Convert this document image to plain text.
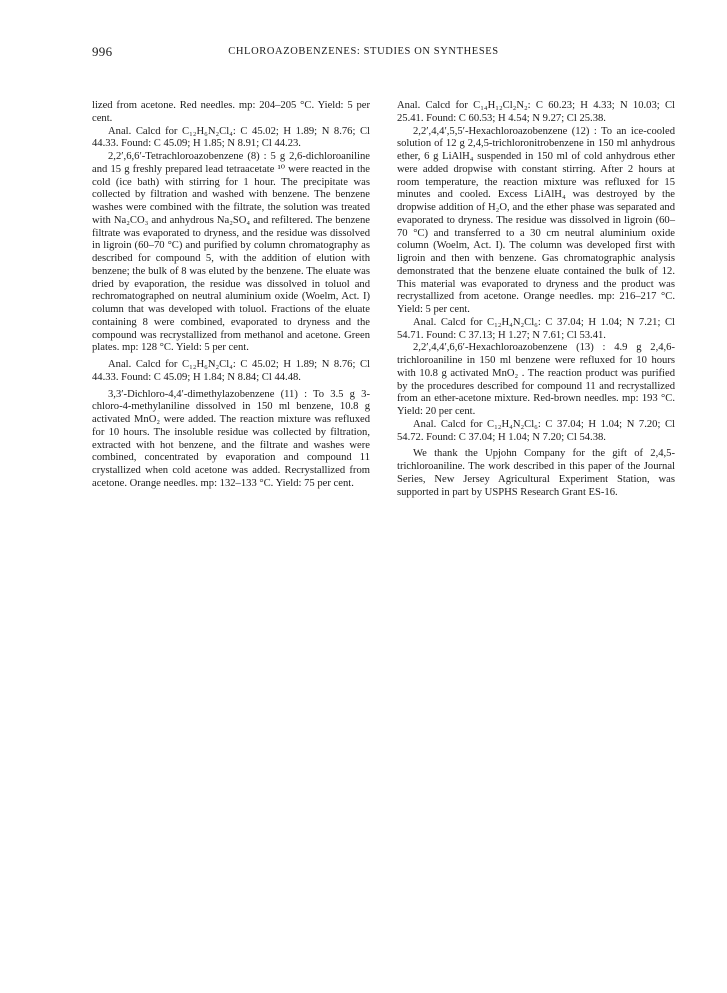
996	CHLOROAZOBENZENES: STUDIES ON SYNTHESES

lized from acetone. Red needles. mp: 204–205 °C. Yield: 5 per cent.

Anal. Calcd for C₁₂H₆N₂Cl₄: C 45.02; H 1.89; N 8.76; Cl 44.33. Found: C 45.09; H 1.85; N 8.91; Cl 44.23.

2,2′,6,6′-Tetrachloroazobenzene (8) : 5 g 2,6-dichloroaniline and 15 g freshly prepared lead tetraacetate ¹⁰ were reacted in the cold (ice bath) with stirring for 1 hour. The precipitate was collected by filtration and washed with benzene. The benzene washes were combined with the filtrate, the solution was treated with Na₂CO₃ and anhydrous Na₂SO₄ and refiltered. The benzene filtrate was evaporated to dryness, and the residue was dissolved in ligroin (60–70 °C) and purified by column chromatography as described for compound 5, with the addition of elution with benzene; the bulk of 8 was eluted by the benzene. The eluate was dried by evaporation, the residue was dissolved in toluol and rechromatographed on neutral aluminium oxide (Woelm, Act. I) column that was developed with toluol. Fractions of the eluate containing 8 were combined, evaporated to dryness and the compound was recrystallized from methanol and acetone. Green plates. mp: 128 °C. Yield: 5 per cent.

Anal. Calcd for C₁₂H₆N₂Cl₄: C 45.02; H 1.89; N 8.76; Cl 44.33. Found: C 45.09; H 1.84; N 8.84; Cl 44.48.

3,3′-Dichloro-4,4′-dimethylazobenzene (11) : To 3.5 g 3-chloro-4-methylaniline dissolved in 150 ml benzene, 10.8 g activated MnO₂ were added. The reaction mixture was refluxed for 10 hours. The insoluble residue was collected by filtration, extracted with hot benzene, and the filtrate and washes were combined, concentrated by evaporation and compound 11 crystallized when cold acetone was added. Recrystallized from acetone. Orange needles. mp: 132–133 °C. Yield: 75 per cent.

Anal. Calcd for C₁₄H₁₂Cl₂N₂: C 60.23; H 4.33; N 10.03; Cl 25.41. Found: C 60.53; H 4.54; N 9.27; Cl 25.38.

2,2′,4,4′,5,5′-Hexachloroazobenzene (12) : To an ice-cooled solution of 12 g 2,4,5-trichloronitrobenzene in 150 ml anhydrous ether, 6 g LiAlH₄ suspended in 150 ml of cold anhydrous ether were added dropwise with constant stirring. After 2 hours at room temperature, the reaction mixture was refluxed for 15 minutes and cooled. Excess LiAlH₄ was destroyed by the dropwise addition of H₂O, and the ether phase was separated and evaporated to dryness. The residue was dissolved in ligroin (60–70 °C) and transferred to a 30 cm neutral aluminium oxide column (Woelm, Act. I). The column was developed first with ligroin and then with benzene. Gas chromatographic analysis demonstrated that the benzene eluate contained the bulk of 12. This material was evaporated to dryness and the product was recrystallized from acetone. Orange needles. mp: 216–217 °C. Yield: 5 per cent.

Anal. Calcd for C₁₂H₄N₂Cl₆: C 37.04; H 1.04; N 7.21; Cl 54.71. Found: C 37.13; H 1.27; N 7.61; Cl 53.41.

2,2′,4,4′,6,6′-Hexachloroazobenzene (13) : 4.9 g 2,4,6-trichloroaniline in 150 ml benzene were refluxed for 10 hours with 10.8 g activated MnO₂ . The reaction product was purified by the procedures described for compound 11 and recrystallized from an ether-acetone mixture. Red-brown needles. mp: 193 °C. Yield: 20 per cent.

Anal. Calcd for C₁₂H₄N₂Cl₆: C 37.04; H 1.04; N 7.20; Cl 54.72. Found: C 37.04; H 1.04; N 7.20; Cl 54.38.

We thank the Upjohn Company for the gift of 2,4,5-trichloroaniline. The work described in this paper of the Journal Series, New Jersey Agricultural Experiment Station, was supported in part by USPHS Research Grant ES-16.
